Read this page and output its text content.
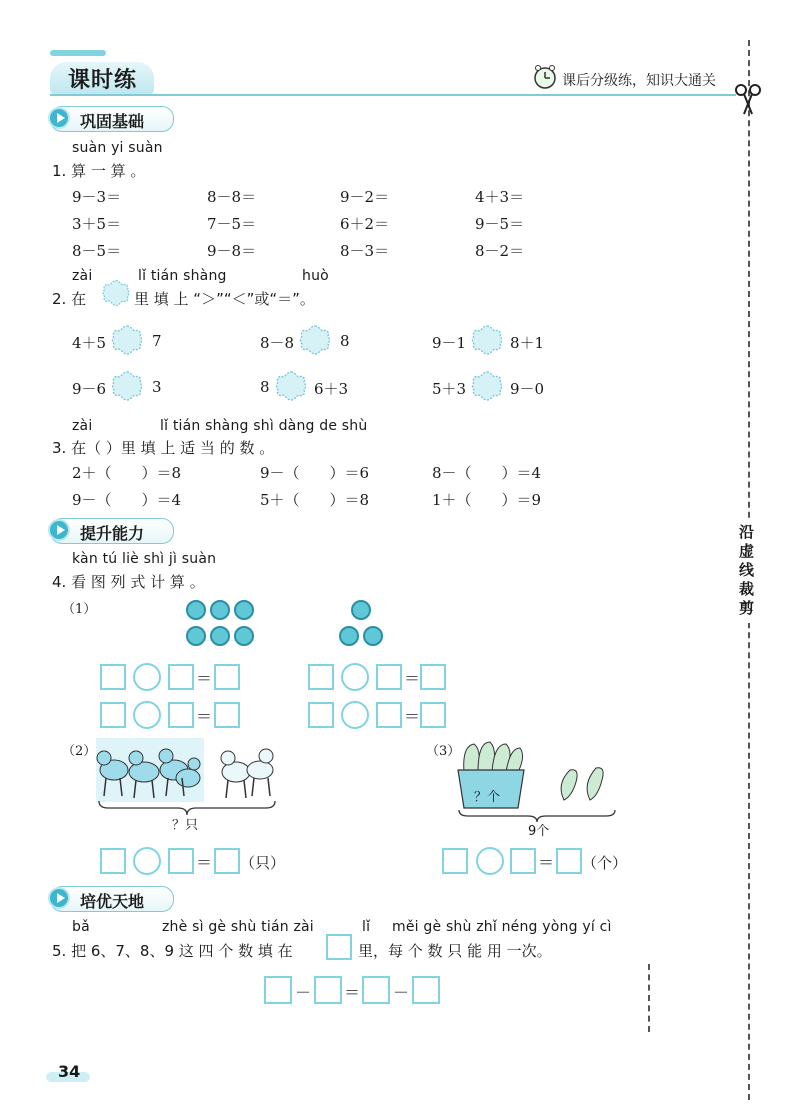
课时练	课后分级练，知识大通关
沿虚线裁剪
巩固基础
suàn yi suàn
1. 算 一 算 。
9－3＝	8－8＝	9－2＝	4＋3＝
3＋5＝	7－5＝	6＋2＝	9－5＝
8－5＝	9－8＝	8－3＝	8－2＝
zài	lǐ tián shàng	huò
2. 在	里 填 上 “＞”“＜”或“＝”。
4＋5	7	8－8	8	9－1	8＋1
9－6	3	8	6＋3	5＋3	9－0
zài	lǐ tián shàng shì dàng de shù
3. 在（ ）里 填 上 适 当 的 数 。
2＋（　　）＝8	9－（　　）＝6	8－（　　）＝4
9－（　　）＝4	5＋（　　）＝8	1＋（　　）＝9
提升能力
kàn tú liè shì jì suàn
4. 看 图 列 式 计 算 。
（1）
＝	＝
＝	＝
（2）
？只
＝ （只）
（3）
？个
9个
＝ （个）
培优天地
bǎ	zhè sì gè shù tián zài	lǐ měi gè shù zhǐ néng yòng yí cì
5. 把 6、7、8、9 这 四 个 数 填 在	里，每 个 数 只 能 用 一次。
－ ＝ －
34
